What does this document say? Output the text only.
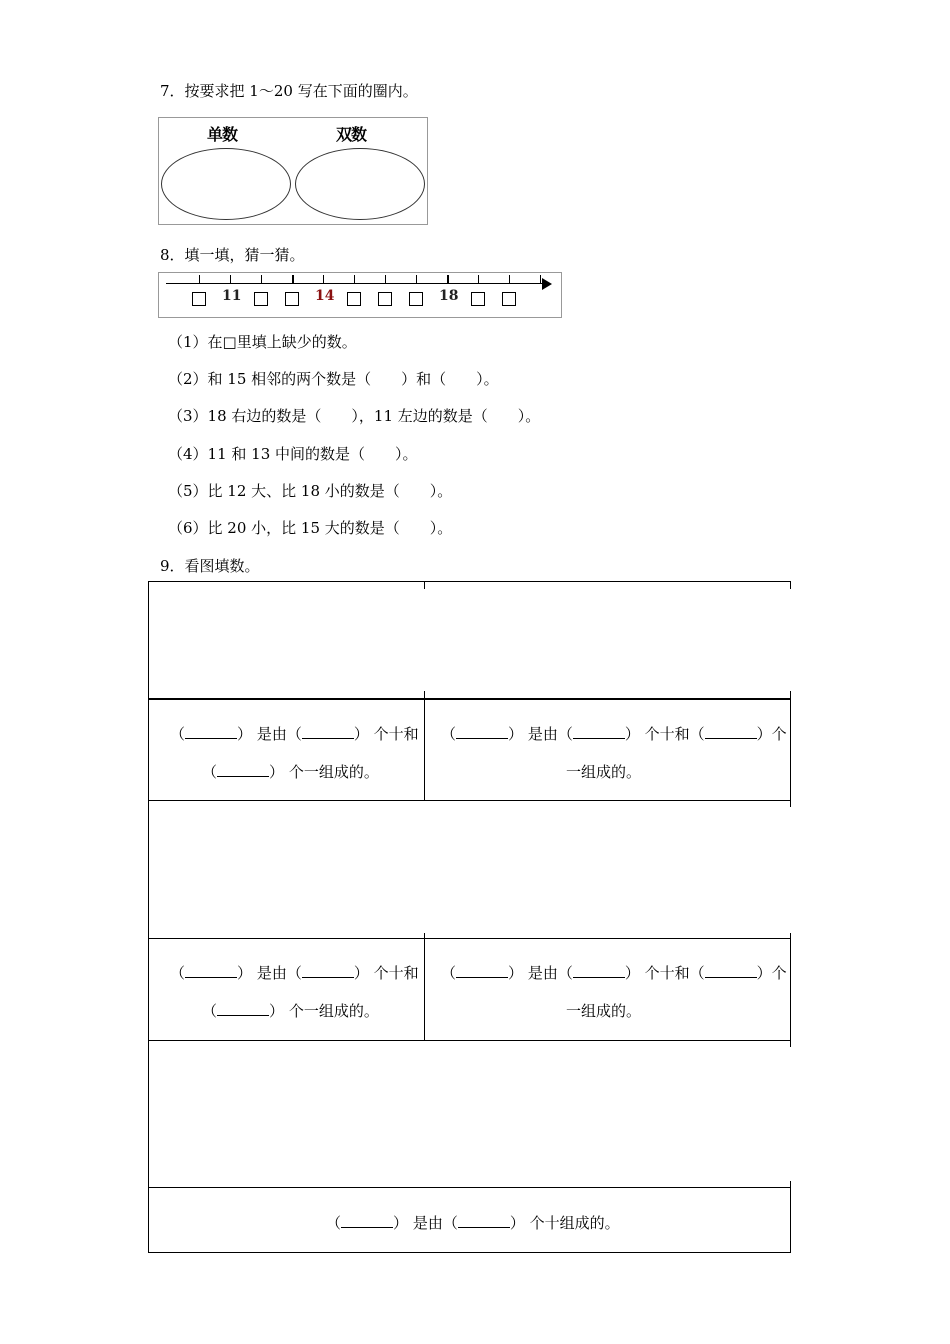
7．按要求把 1～20 写在下面的圈内。
单数	双数
8．填一填，猜一猜。
11	14	18
（1）在□里填上缺少的数。
（2）和 15 相邻的两个数是（　　）和（　　）。
（3）18 右边的数是（　　），11 左边的数是（　　）。
（4）11 和 13 中间的数是（　　）。
（5）比 12 大、比 18 小的数是（　　）。
（6）比 20 小，比 15 大的数是（　　）。
9．看图填数。
（	） 是由（	） 个十和
（	） 个一组成的。
（	） 是由（	） 个十和（	）个
一组成的。
（	） 是由（	） 个十和
（	） 个一组成的。
（	） 是由（	） 个十和（	）个
一组成的。
（	） 是由（	） 个十组成的。
